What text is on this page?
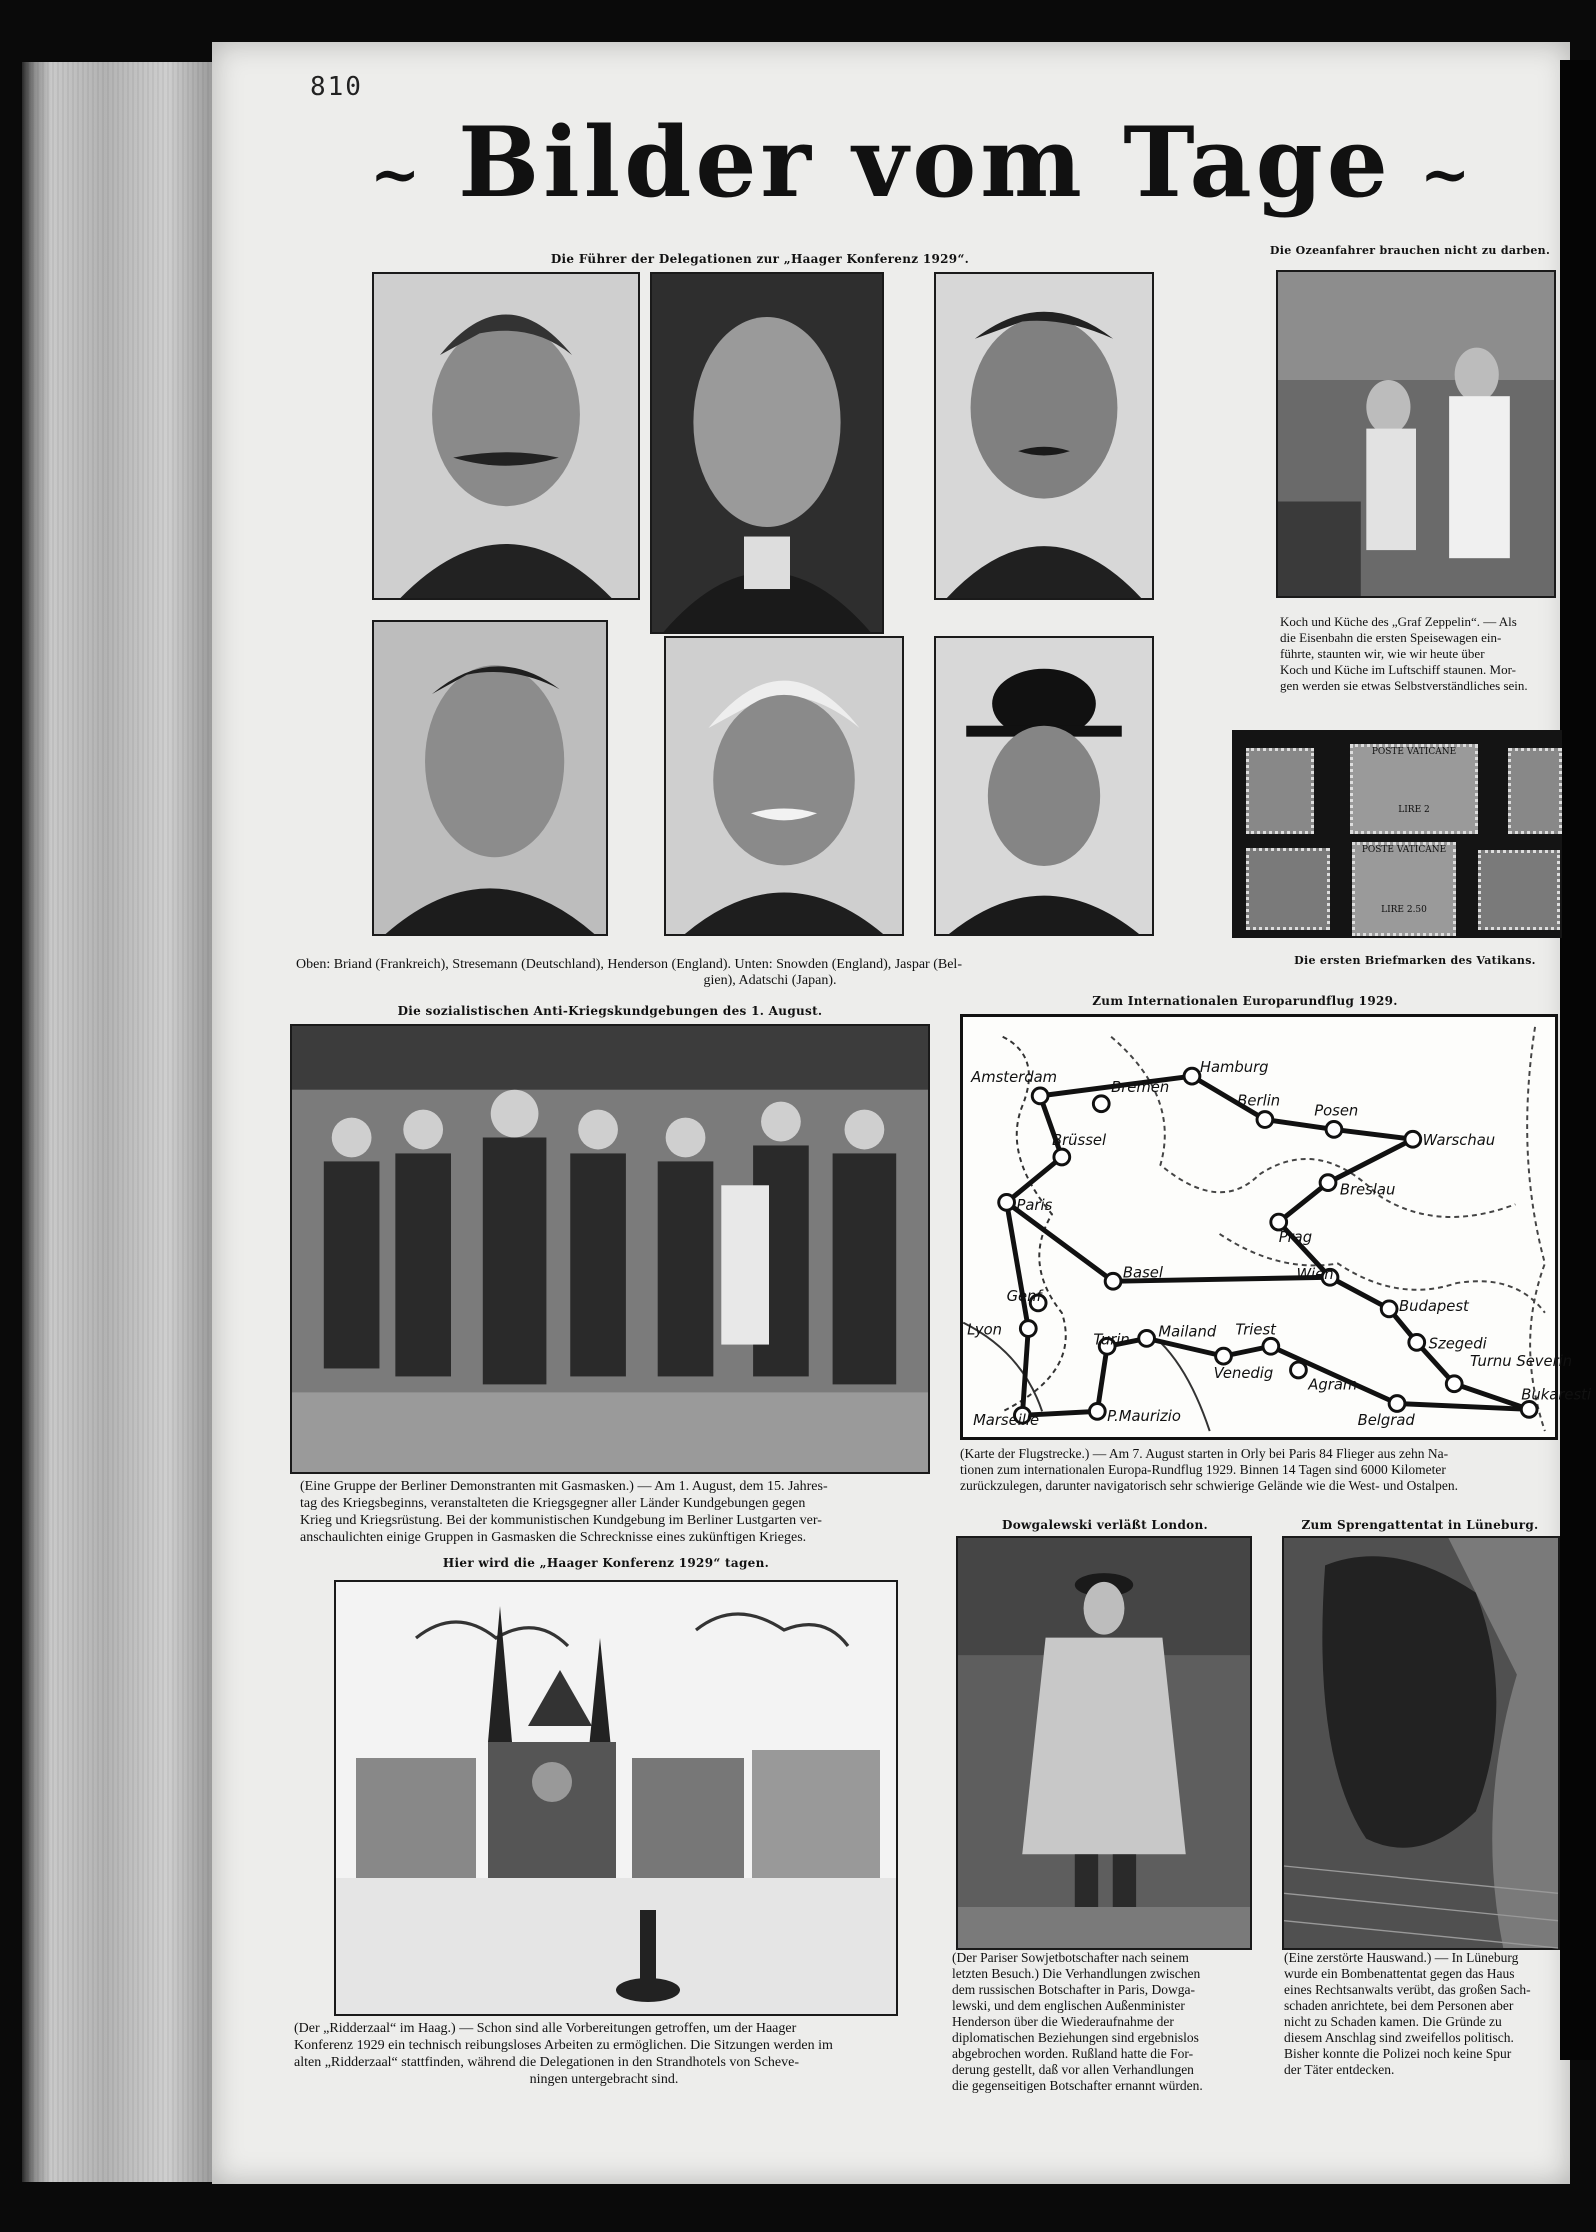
810
~	~
Bilder vom Tage
Die Führer der Delegationen zur „Haager Konferenz 1929“.
Oben: Briand (Frankreich), Stresemann (Deutschland), Henderson (England). Unten: Snowden (England), Jaspar (Bel-
gien), Adatschi (Japan).
Die Ozeanfahrer brauchen nicht zu darben.
Koch und Küche des „Graf Zeppelin“. — Als
die Eisenbahn die ersten Speisewagen ein-
führte, staunten wir, wie wir heute über
Koch und Küche im Luftschiff staunen. Mor-
gen werden sie etwas Selbstverständliches sein.
POSTE VATICANE
LIRE 2
POSTE VATICANE
LIRE 2.50
Die ersten Briefmarken des Vatikans.
Die sozialistischen Anti-Kriegskundgebungen des 1. August.
(Eine Gruppe der Berliner Demonstranten mit Gasmasken.) — Am 1. August, dem 15. Jahres-
tag des Kriegsbeginns, veranstalteten die Kriegsgegner aller Länder Kundgebungen gegen
Krieg und Kriegsrüstung. Bei der kommunistischen Kundgebung im Berliner Lustgarten ver-
anschaulichten einige Gruppen in Gasmasken die Schrecknisse eines zukünftigen Krieges.
Zum Internationalen Europarundflug 1929.
Amsterdam
Bremen
Hamburg
Berlin
Posen
Warschau
Brüssel
Paris
Breslau
Prag
Wien
Budapest
Szegedi
Turnu Severin
Bukaresti
Basel
Genf
Lyon
Turin Mailand Triest
Venedig
Agram
Belgrad
Marseille	P.Maurizio
(Karte der Flugstrecke.) — Am 7. August starten in Orly bei Paris 84 Flieger aus zehn Na-
tionen zum internationalen Europa-Rundflug 1929. Binnen 14 Tagen sind 6000 Kilometer
zurückzulegen, darunter navigatorisch sehr schwierige Gelände wie die West- und Ostalpen.
Hier wird die „Haager Konferenz 1929“ tagen.
(Der „Ridderzaal“ im Haag.) — Schon sind alle Vorbereitungen getroffen, um der Haager
Konferenz 1929 ein technisch reibungsloses Arbeiten zu ermöglichen. Die Sitzungen werden im
alten „Ridderzaal“ stattfinden, während die Delegationen in den Strandhotels von Scheve-
ningen untergebracht sind.
Dowgalewski verläßt London.
(Der Pariser Sowjetbotschafter nach seinem
letzten Besuch.) Die Verhandlungen zwischen
dem russischen Botschafter in Paris, Dowga-
lewski, und dem englischen Außenminister
Henderson über die Wiederaufnahme der
diplomatischen Beziehungen sind ergebnislos
abgebrochen worden. Rußland hatte die For-
derung gestellt, daß vor allen Verhandlungen
die gegenseitigen Botschafter ernannt würden.
Zum Sprengattentat in Lüneburg.
(Eine zerstörte Hauswand.) — In Lüneburg
wurde ein Bombenattentat gegen das Haus
eines Rechtsanwalts verübt, das großen Sach-
schaden anrichtete, bei dem Personen aber
nicht zu Schaden kamen. Die Gründe zu
diesem Anschlag sind zweifellos politisch.
Bisher konnte die Polizei noch keine Spur
der Täter entdecken.
